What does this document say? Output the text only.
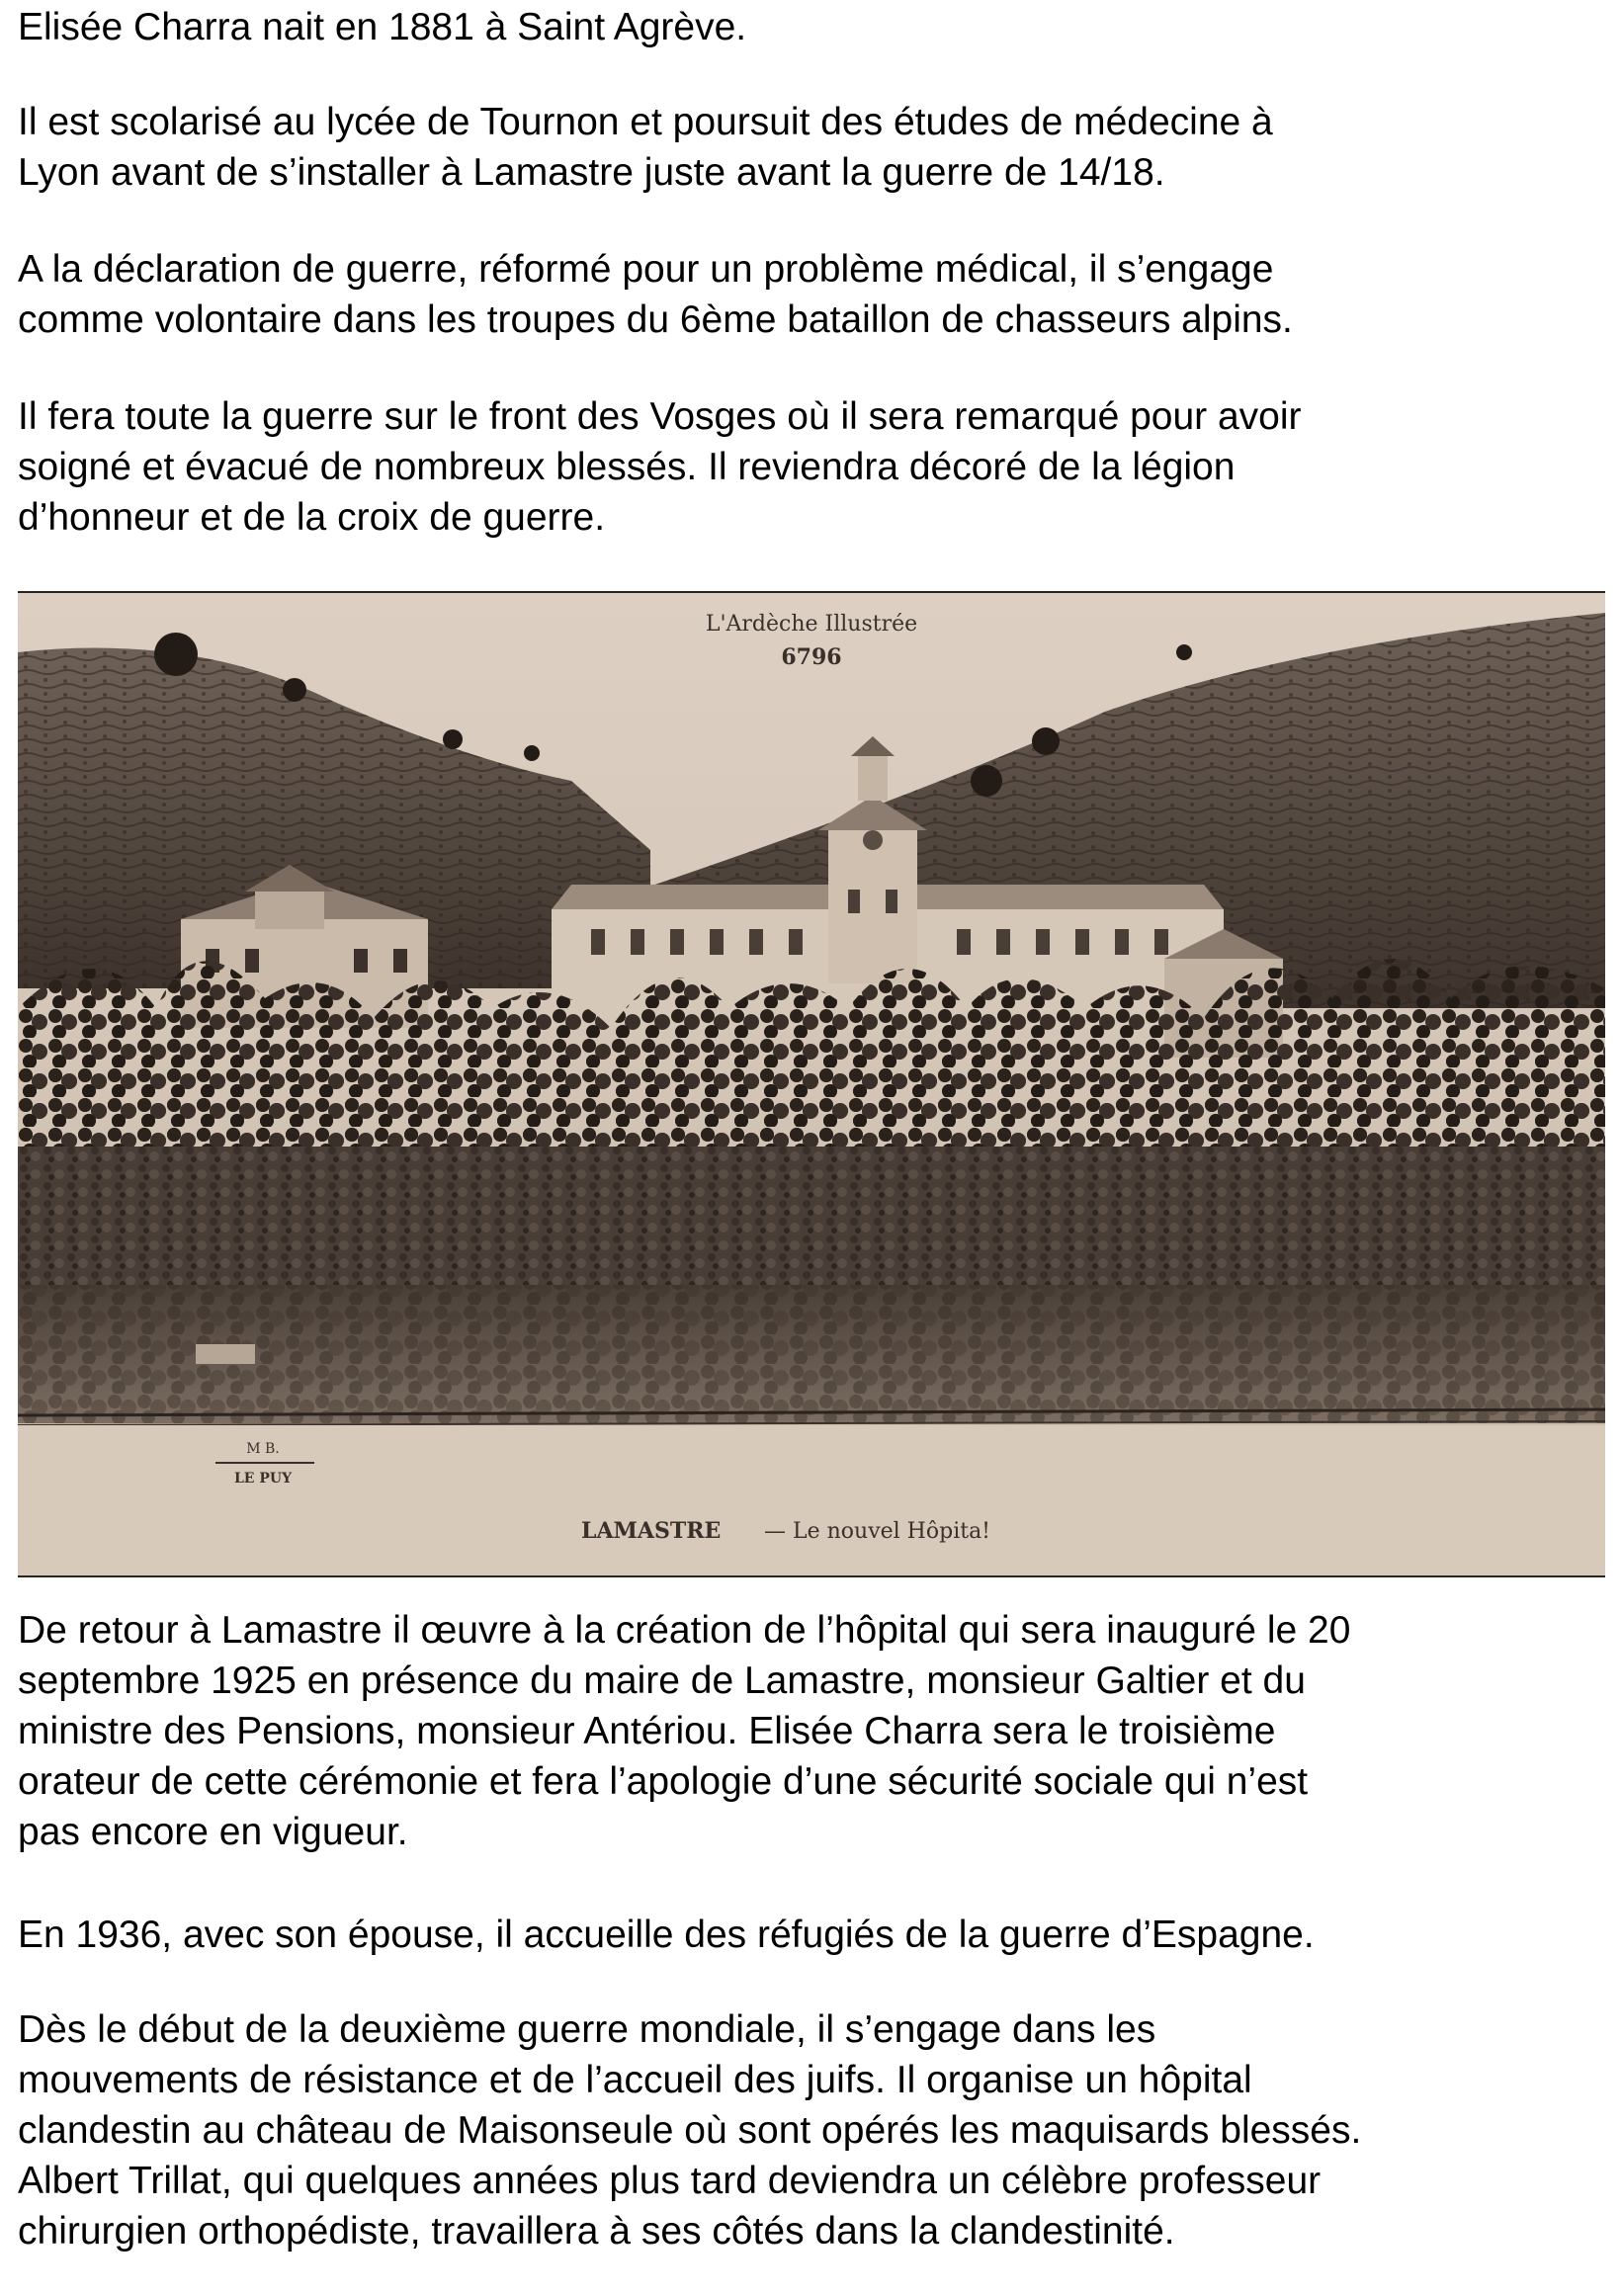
Elisée Charra nait en 1881 à Saint Agrève.

Il est scolarisé au lycée de Tournon et poursuit des études de médecine à
Lyon avant de s’installer à Lamastre juste avant la guerre de 14/18.

A la déclaration de guerre, réformé pour un problème médical, il s’engage
comme volontaire dans les troupes du 6ème bataillon de chasseurs alpins.

Il fera toute la guerre sur le front des Vosges où il sera remarqué pour avoir
soigné et évacué de nombreux blessés. Il reviendra décoré de la légion
d’honneur et de la croix de guerre.

L'Ardèche Illustrée
6796
M B.
LE PUY
LAMASTRE — Le nouvel Hôpita!

De retour à Lamastre il œuvre à la création de l’hôpital qui sera inauguré le 20
septembre 1925 en présence du maire de Lamastre, monsieur Galtier et du
ministre des Pensions, monsieur Antériou. Elisée Charra sera le troisième
orateur de cette cérémonie et fera l’apologie d’une sécurité sociale qui n’est
pas encore en vigueur.

En 1936, avec son épouse, il accueille des réfugiés de la guerre d’Espagne.

Dès le début de la deuxième guerre mondiale, il s’engage dans les
mouvements de résistance et de l’accueil des juifs. Il organise un hôpital
clandestin au château de Maisonseule où sont opérés les maquisards blessés.
Albert Trillat, qui quelques années plus tard deviendra un célèbre professeur
chirurgien orthopédiste, travaillera à ses côtés dans la clandestinité.
